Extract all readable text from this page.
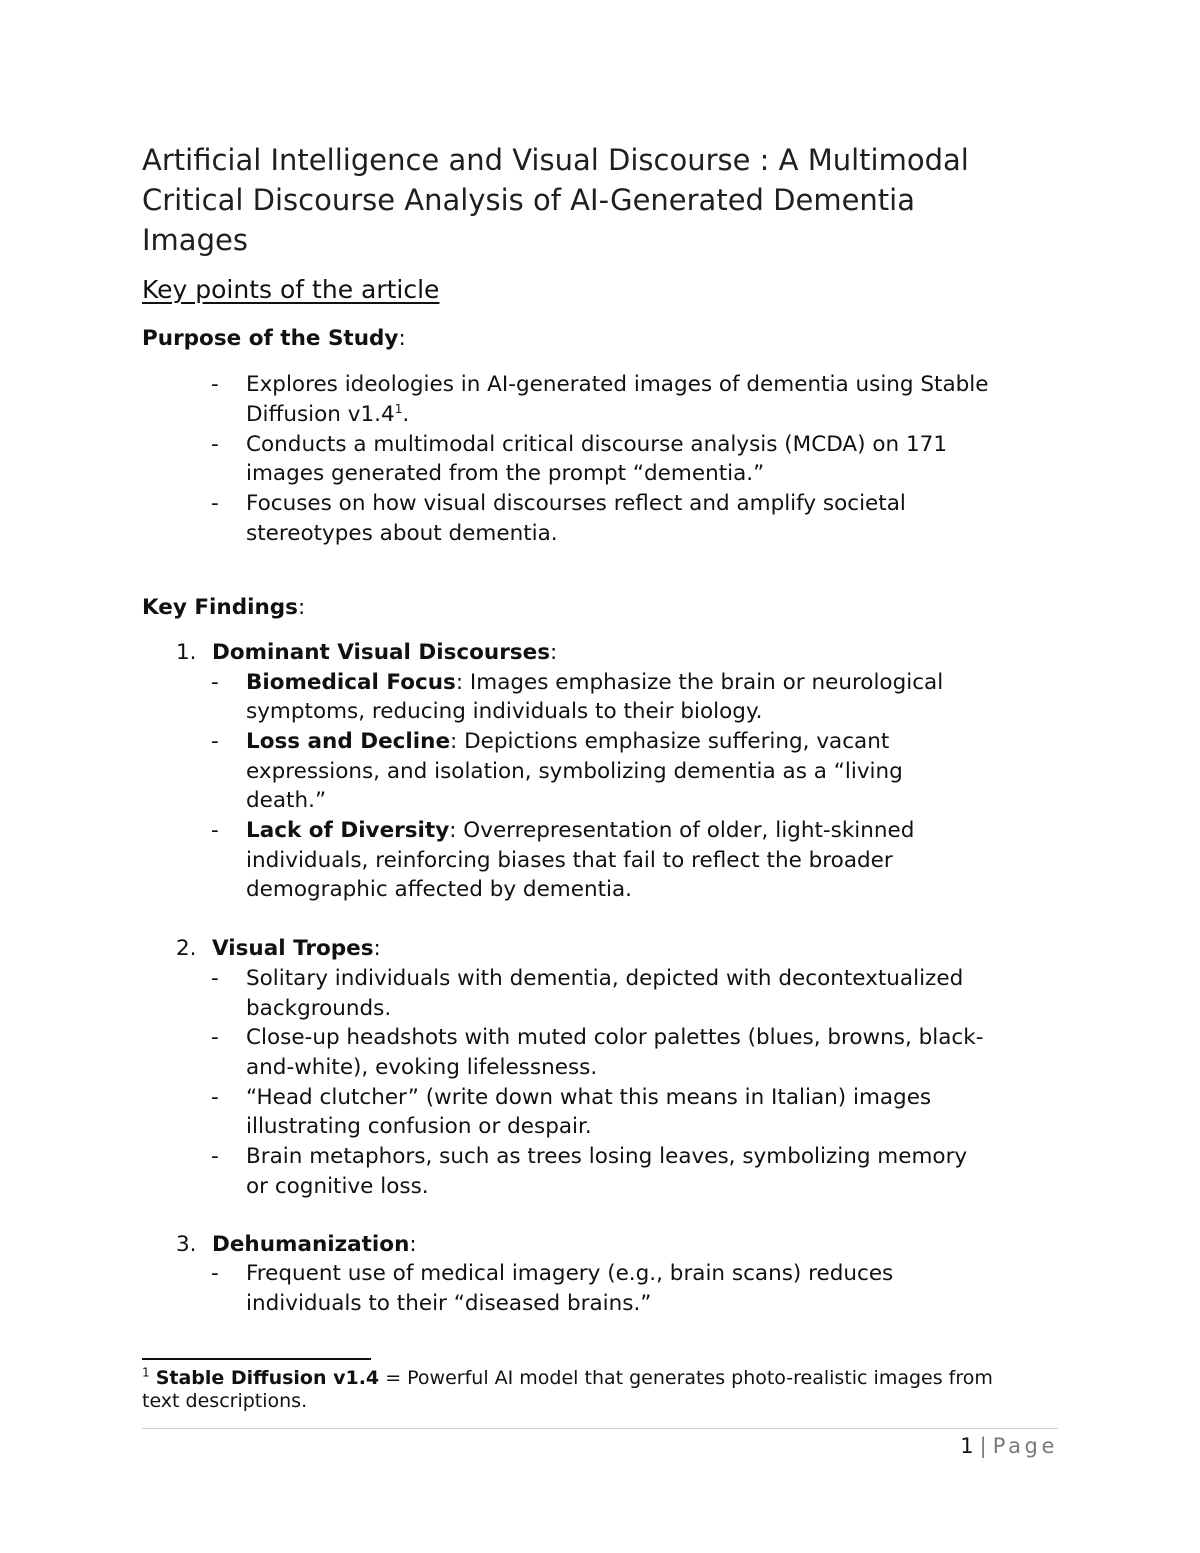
Artificial Intelligence and Visual Discourse : A Multimodal
Critical Discourse Analysis of AI-Generated Dementia
Images
Key points of the article
Purpose of the Study:
- Explores ideologies in AI-generated images of dementia using Stable
Diffusion $v1.4^1$.
- Conducts a multimodal critical discourse analysis (MCDA) on 171
images generated from the prompt “dementia.”
- Focuses on how visual discourses reflect and amplify societal
stereotypes about dementia.
Key Findings:
1. Dominant Visual Discourses:
- Biomedical Focus: Images emphasize the brain or neurological
symptoms, reducing individuals to their biology.
- Loss and Decline: Depictions emphasize suffering, vacant
expressions, and isolation, symbolizing dementia as a “living
death.”
- Lack of Diversity: Overrepresentation of older, light-skinned
individuals, reinforcing biases that fail to reflect the broader
demographic affected by dementia.
2. Visual Tropes:
- Solitary individuals with dementia, depicted with decontextualized
backgrounds.
- Close-up headshots with muted color palettes (blues, browns, black-
and-white), evoking lifelessness.
- “Head clutcher” (write down what this means in Italian) images
illustrating confusion or despair.
- Brain metaphors, such as trees losing leaves, symbolizing memory
or cognitive loss.
3. Dehumanization:
- Frequent use of medical imagery (e.g., brain scans) reduces
individuals to their “diseased brains.”
$^1$ Stable Diffusion v1.4 = Powerful AI model that generates photo-realistic images from
text descriptions.
1 | Page
